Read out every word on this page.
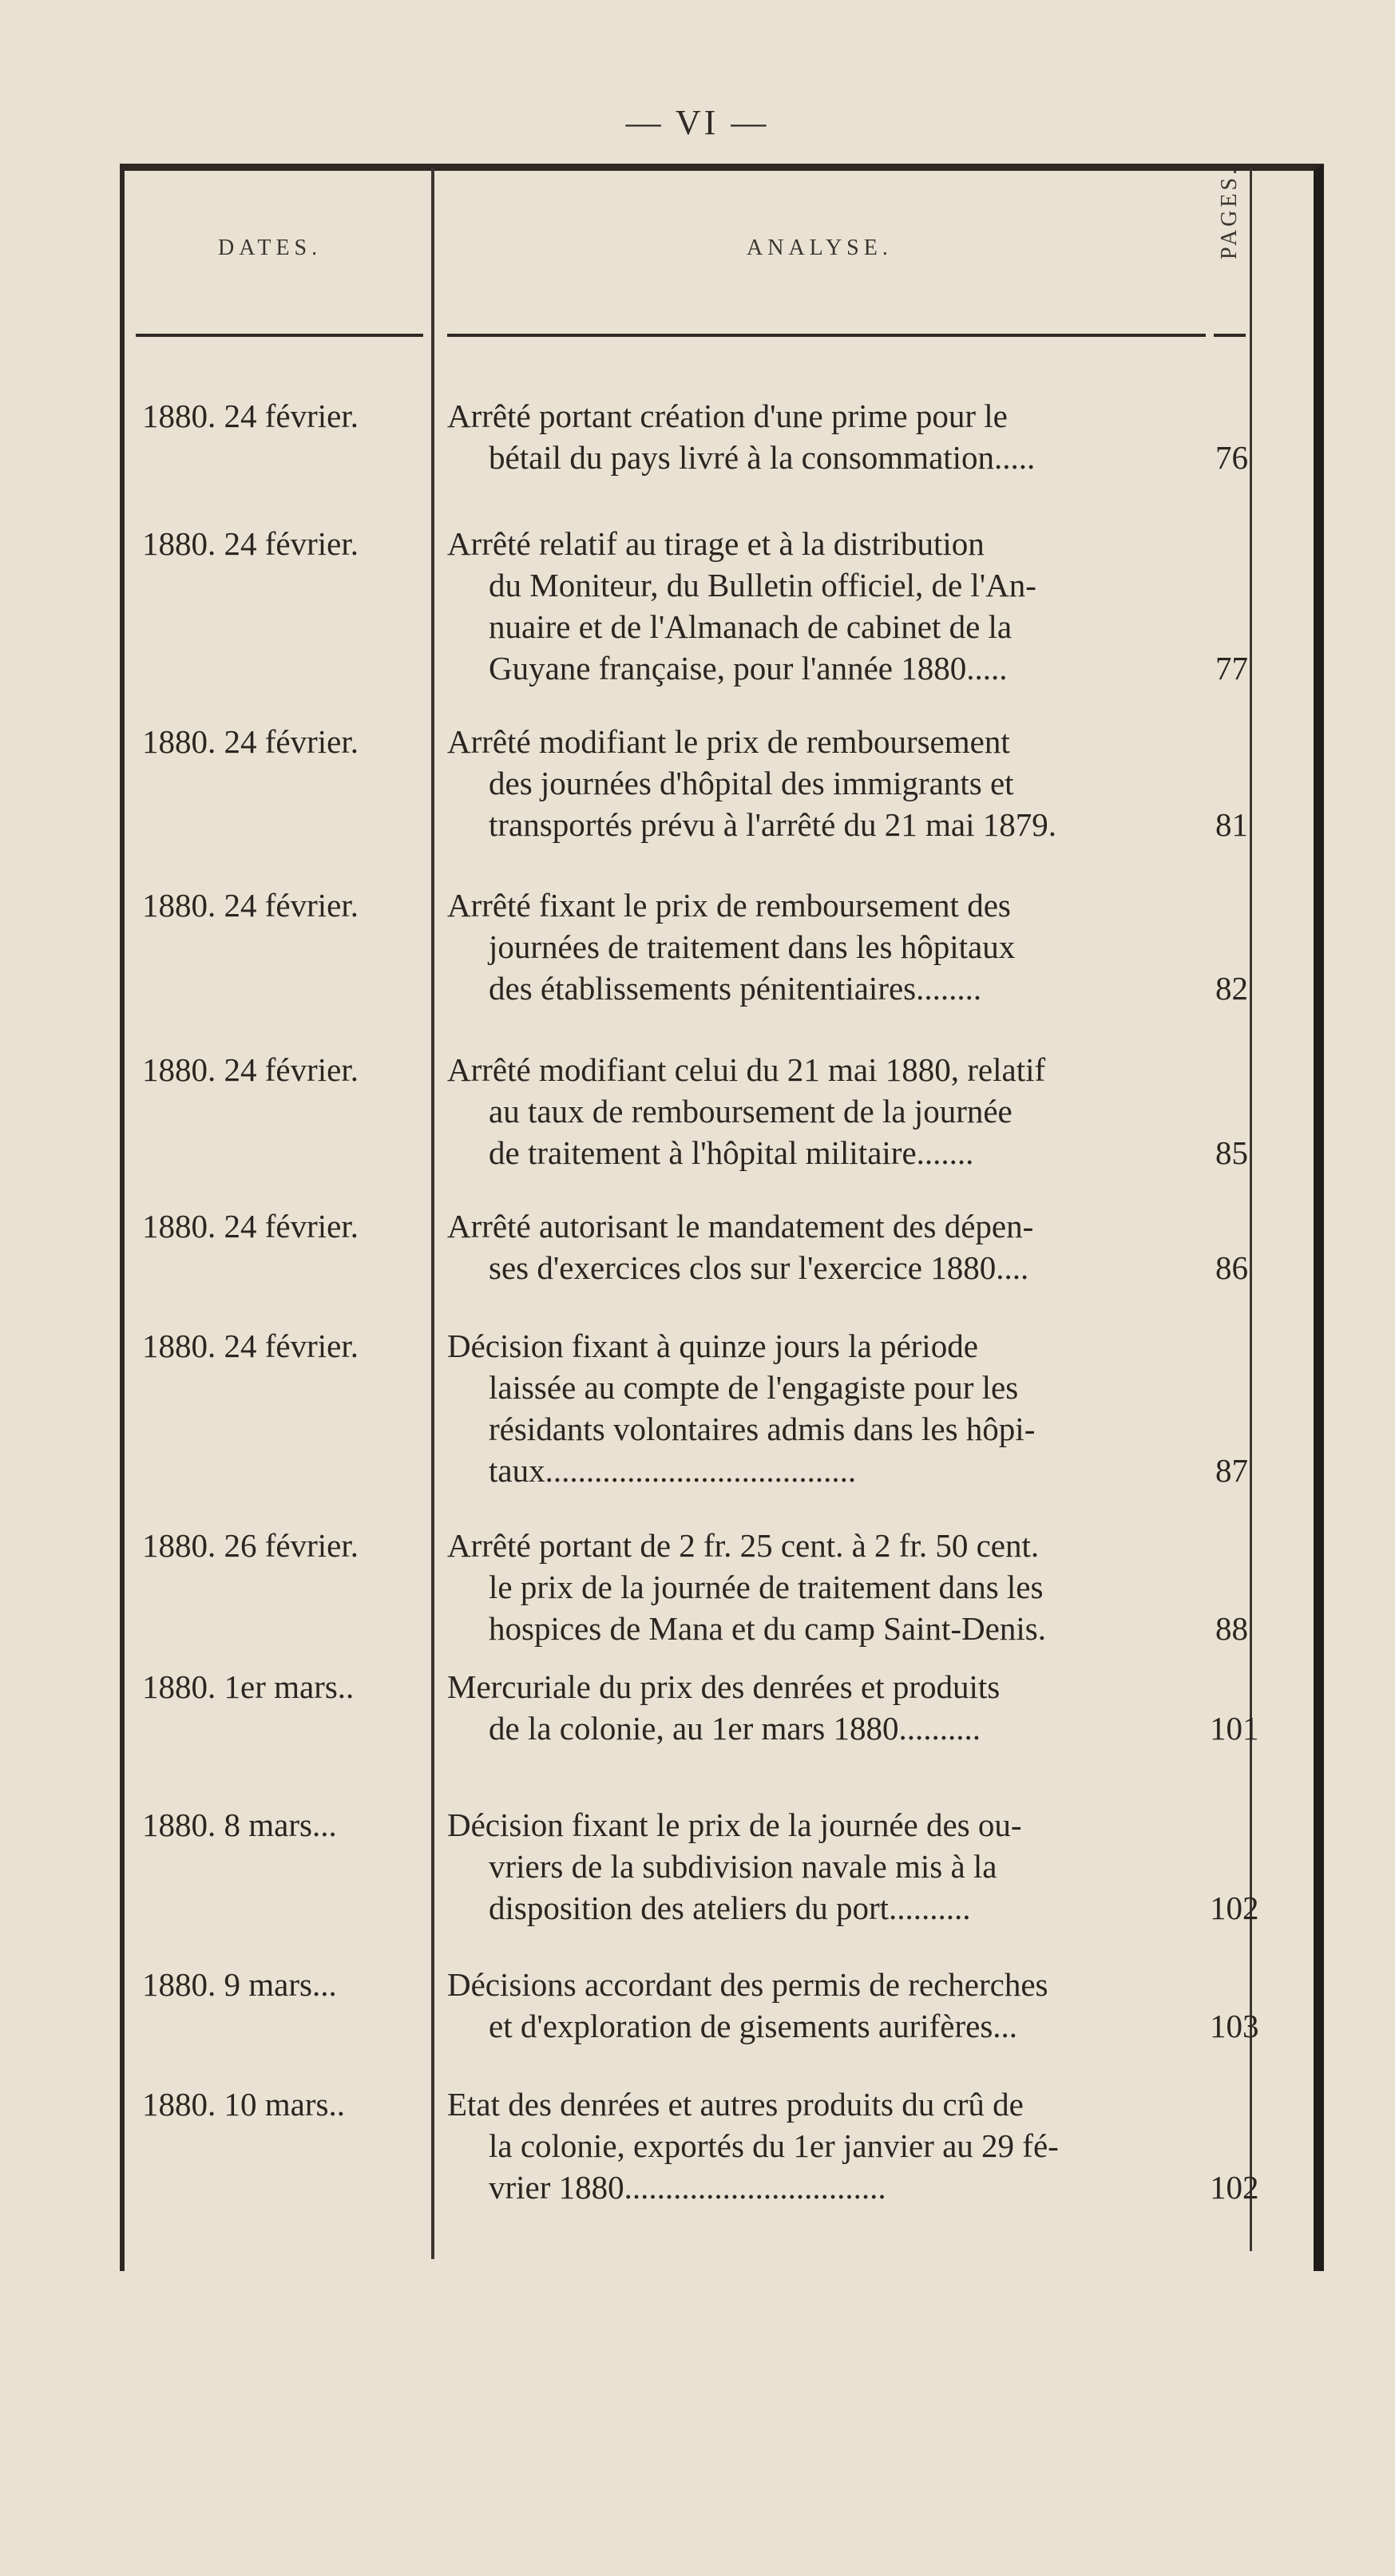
— VI —
DATES.	ANALYSE.	PAGES.
1880. 24 février.	Arrêté portant création d'une prime pour le
bétail du pays livré à la consommation.....	76
1880. 24 février.	Arrêté relatif au tirage et à la distribution
du Moniteur, du Bulletin officiel, de l'An-
nuaire et de l'Almanach de cabinet de la
Guyane française, pour l'année 1880.....	77
1880. 24 février.	Arrêté modifiant le prix de remboursement
des journées d'hôpital des immigrants et
transportés prévu à l'arrêté du 21 mai 1879.	81
1880. 24 février.	Arrêté fixant le prix de remboursement des
journées de traitement dans les hôpitaux
des établissements pénitentiaires........	82
1880. 24 février.	Arrêté modifiant celui du 21 mai 1880, relatif
au taux de remboursement de la journée
de traitement à l'hôpital militaire.......	85
1880. 24 février.	Arrêté autorisant le mandatement des dépen-
ses d'exercices clos sur l'exercice 1880....	86
1880. 24 février.	Décision fixant à quinze jours la période
laissée au compte de l'engagiste pour les
résidants volontaires admis dans les hôpi-
taux......................................	87
1880. 26 février.	Arrêté portant de 2 fr. 25 cent. à 2 fr. 50 cent.
le prix de la journée de traitement dans les
hospices de Mana et du camp Saint-Denis.	88
1880. 1er mars..	Mercuriale du prix des denrées et produits
de la colonie, au 1er mars 1880..........	101
1880. 8 mars...	Décision fixant le prix de la journée des ou-
vriers de la subdivision navale mis à la
disposition des ateliers du port..........	102
1880. 9 mars...	Décisions accordant des permis de recherches
et d'exploration de gisements aurifères...	103
1880. 10 mars..	Etat des denrées et autres produits du crû de
la colonie, exportés du 1er janvier au 29 fé-
vrier 1880................................	102
